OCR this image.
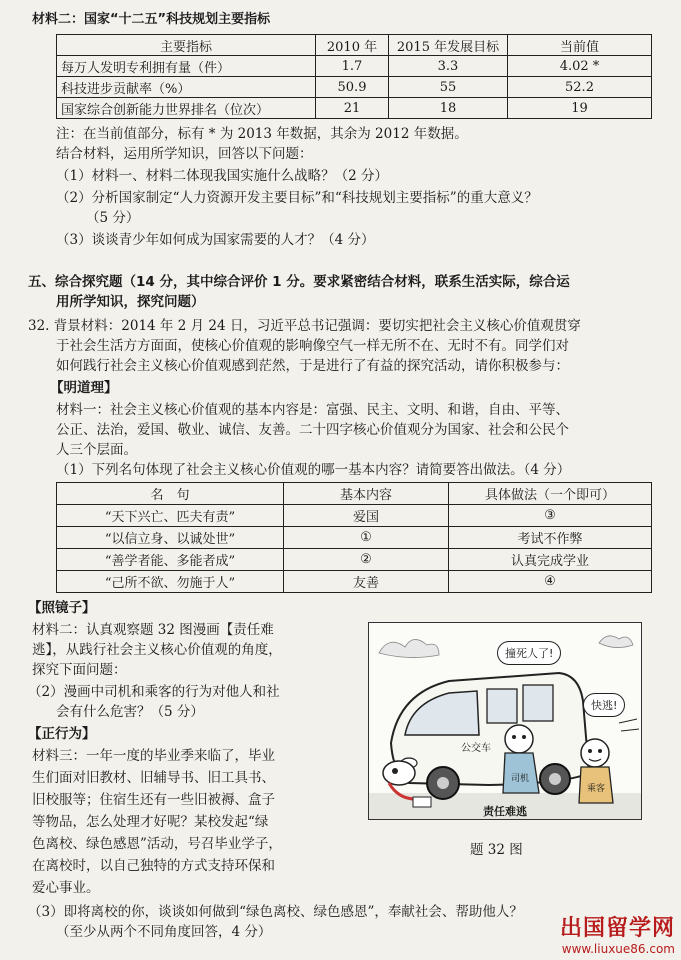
材料二：国家“十二五”科技规划主要指标
主要指标	2010 年	2015 年发展目标	当前值
每万人发明专利拥有量（件）	1.7	3.3	4.02 *
科技进步贡献率（%）	50.9	55	52.2
国家综合创新能力世界排名（位次）	21	18	19
注：在当前值部分，标有 * 为 2013 年数据，其余为 2012 年数据。
结合材料，运用所学知识，回答以下问题：
（1）材料一、材料二体现我国实施什么战略？（2 分）
（2）分析国家制定“人力资源开发主要目标”和“科技规划主要指标”的重大意义？
（5 分）
（3）谈谈青少年如何成为国家需要的人才？（4 分）
五、综合探究题（14 分，其中综合评价 1 分。要求紧密结合材料，联系生活实际，综合运
用所学知识，探究问题）
32. 背景材料：2014 年 2 月 24 日，习近平总书记强调：要切实把社会主义核心价值观贯穿
于社会生活方方面面，使核心价值观的影响像空气一样无所不在、无时不有。同学们对
如何践行社会主义核心价值观感到茫然，于是进行了有益的探究活动，请你积极参与：
【明道理】
材料一：社会主义核心价值观的基本内容是：富强、民主、文明、和谐，自由、平等、
公正、法治，爱国、敬业、诚信、友善。二十四字核心价值观分为国家、社会和公民个
人三个层面。
（1）下列名句体现了社会主义核心价值观的哪一基本内容？请简要答出做法。（4 分）
名　句	基本内容	具体做法（一个即可）
“天下兴亡、匹夫有责”	爱国	③
“以信立身、以诚处世”	①	考试不作弊
“善学者能、多能者成”	②	认真完成学业
“己所不欲、勿施于人”	友善	④
【照镜子】
材料二：认真观察题 32 图漫画【责任难
逃】，从践行社会主义核心价值观的角度，
探究下面问题：
（2）漫画中司机和乘客的行为对他人和社
会有什么危害？（5 分）
【正行为】
材料三：一年一度的毕业季来临了，毕业
生们面对旧教材、旧辅导书、旧工具书、
旧校服等；住宿生还有一些旧被褥、盒子
等物品，怎么处理才好呢？某校发起“绿
色离校、绿色感恩”活动，号召毕业学子，
在离校时，以自己独特的方式支持环保和
爱心事业。
撞死人了!
快逃!
公交车
司机
乘客
责任难逃
题 32 图
（3）即将离校的你，谈谈如何做到“绿色离校、绿色感恩”，奉献社会、帮助他人？
（至少从两个不同角度回答，4 分）	出国留学网
www.liuxue86.com
